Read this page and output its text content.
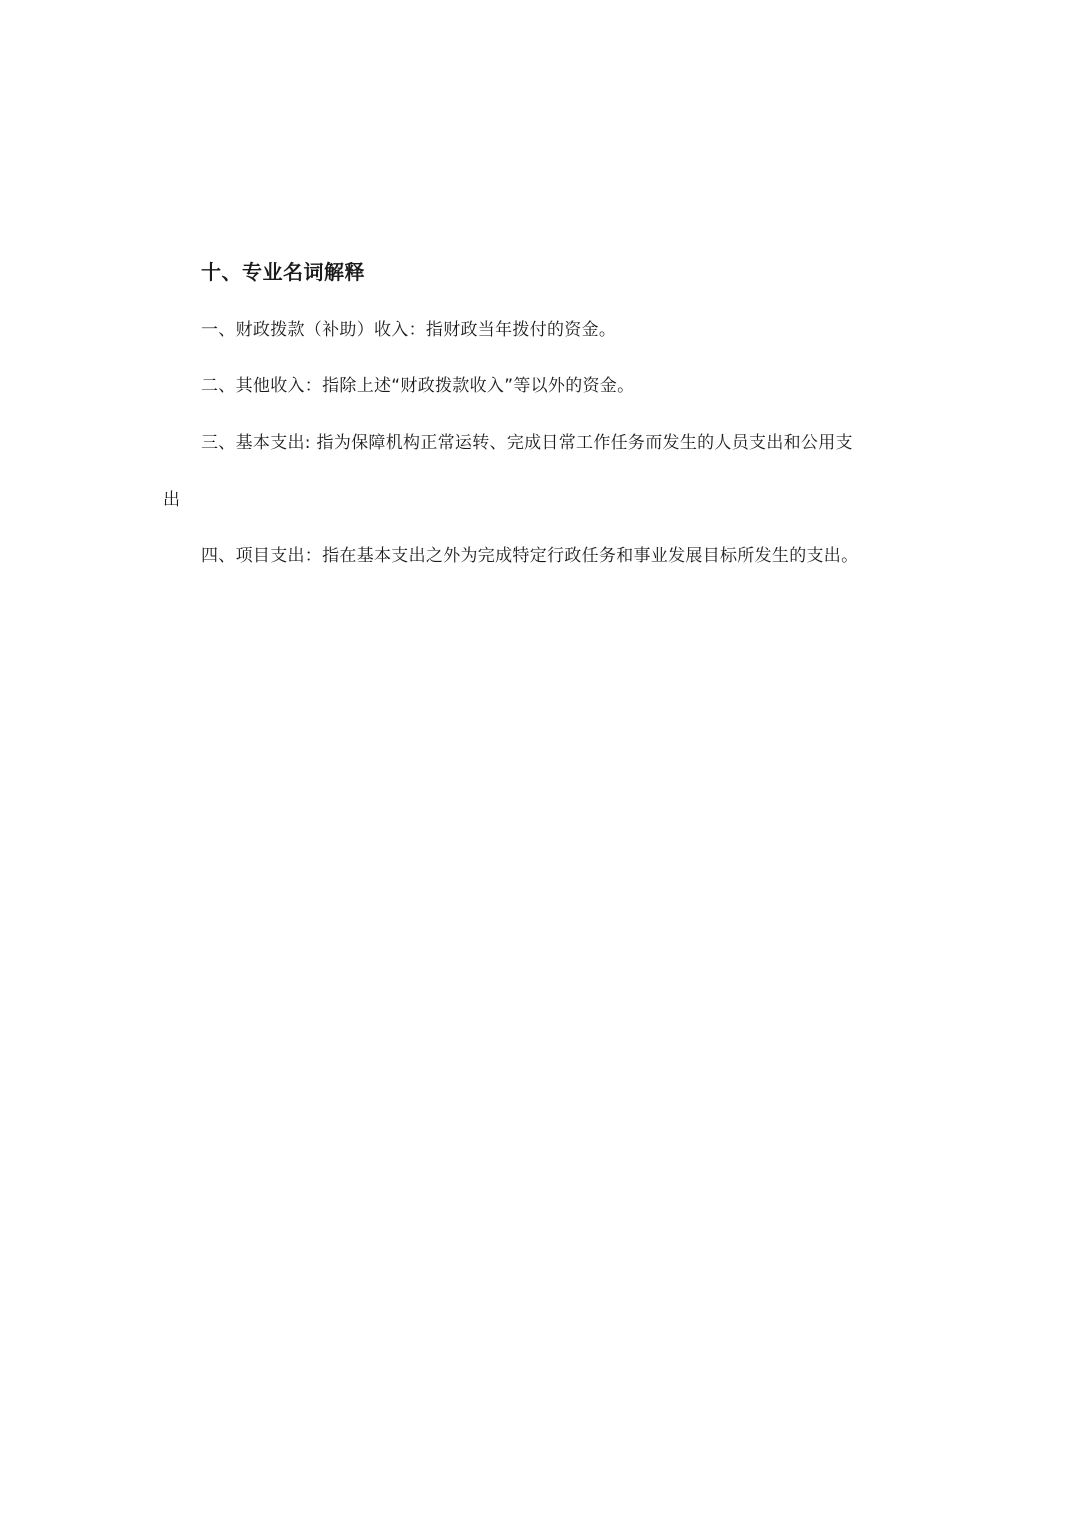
十、专业名词解释
一、财政拨款（补助）收入：指财政当年拨付的资金。
二、其他收入：指除上述“财政拨款收入”等以外的资金。
三、基本支出: 指为保障机构正常运转、完成日常工作任务而发生的人员支出和公用支
出
四、项目支出：指在基本支出之外为完成特定行政任务和事业发展目标所发生的支出。
